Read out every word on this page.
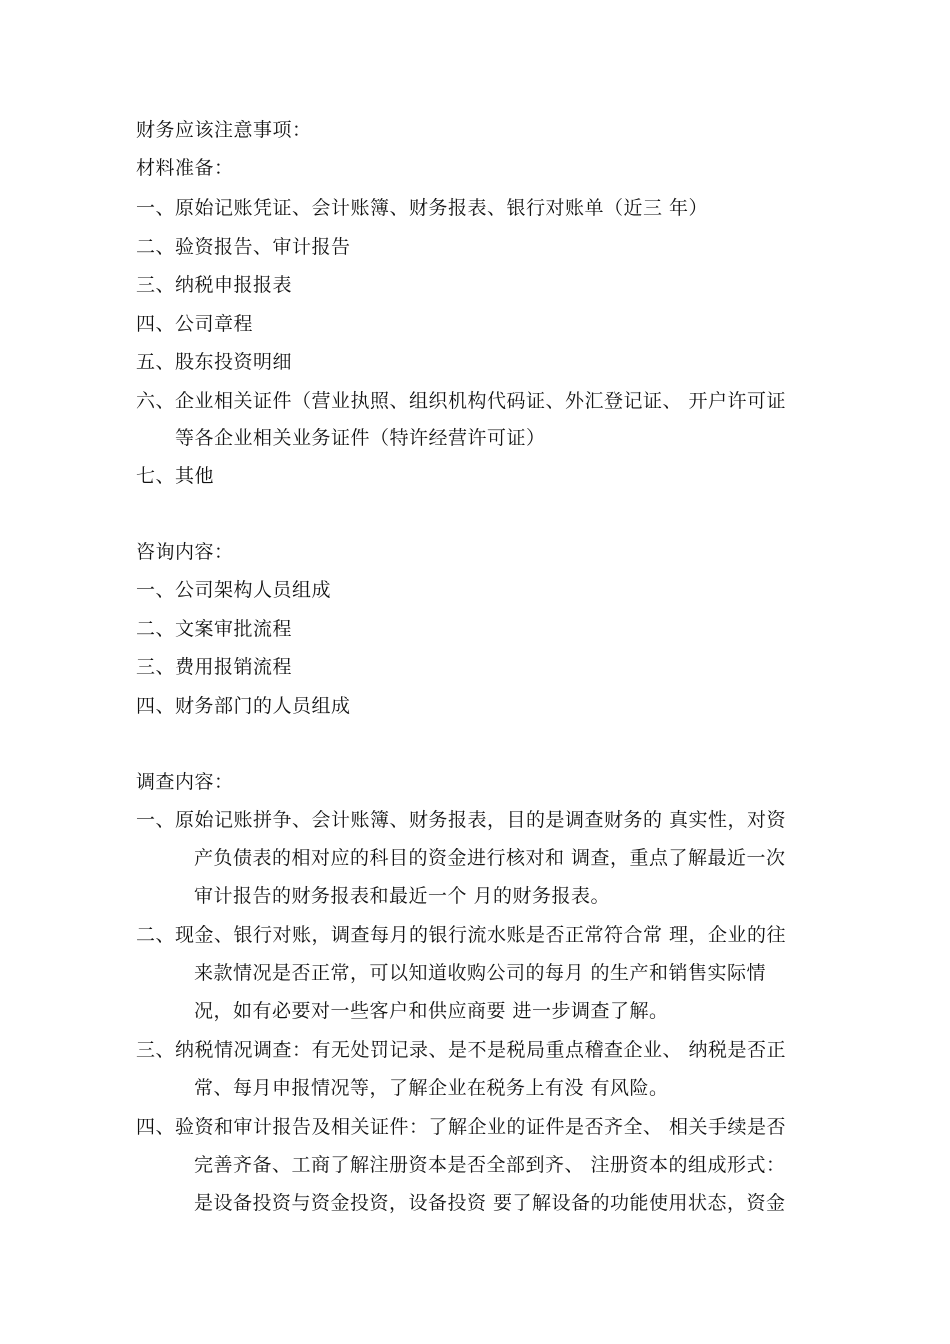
财务应该注意事项：
材料准备：
一、原始记账凭证、会计账簿、财务报表、银行对账单（近三 年）
二、验资报告、审计报告
三、纳税申报报表
四、公司章程
五、股东投资明细
六、企业相关证件（营业执照、组织机构代码证、外汇登记证、 开户许可证
等各企业相关业务证件（特许经营许可证）
七、其他
咨询内容：
一、公司架构人员组成
二、文案审批流程
三、费用报销流程
四、财务部门的人员组成
调查内容：
一、原始记账拼争、会计账簿、财务报表，目的是调查财务的 真实性，对资
产负债表的相对应的科目的资金进行核对和 调查，重点了解最近一次
审计报告的财务报表和最近一个 月的财务报表。
二、现金、银行对账，调查每月的银行流水账是否正常符合常 理，企业的往
来款情况是否正常，可以知道收购公司的每月 的生产和销售实际情
况，如有必要对一些客户和供应商要 进一步调查了解。
三、纳税情况调查：有无处罚记录、是不是税局重点稽查企业、 纳税是否正
常、每月申报情况等，了解企业在税务上有没 有风险。
四、验资和审计报告及相关证件：了解企业的证件是否齐全、 相关手续是否
完善齐备、工商了解注册资本是否全部到齐、 注册资本的组成形式：
是设备投资与资金投资，设备投资 要了解设备的功能使用状态，资金
